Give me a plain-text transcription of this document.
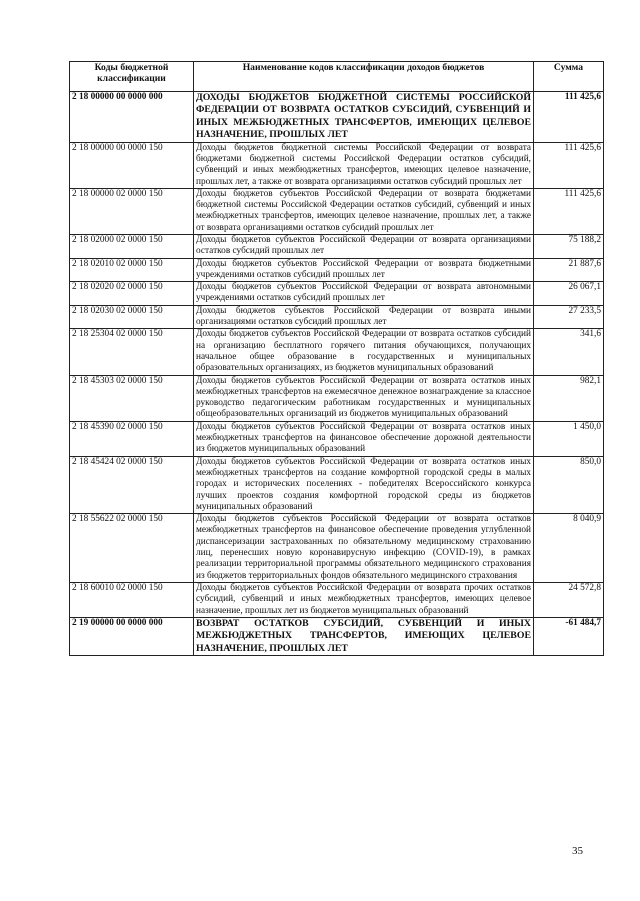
Коды бюджетной классификации	Наименование кодов классификации доходов бюджетов	Сумма
2 18 00000 00 0000 000	ДОХОДЫ БЮДЖЕТОВ БЮДЖЕТНОЙ СИСТЕМЫ РОССИЙСКОЙ ФЕДЕРАЦИИ ОТ ВОЗВРАТА ОСТАТКОВ СУБСИДИЙ, СУБВЕНЦИЙ И ИНЫХ МЕЖБЮДЖЕТНЫХ ТРАНСФЕРТОВ, ИМЕЮЩИХ ЦЕЛЕВОЕ НАЗНАЧЕНИЕ, ПРОШЛЫХ ЛЕТ	111 425,6
2 18 00000 00 0000 150	Доходы бюджетов бюджетной системы Российской Федерации от возврата бюджетами бюджетной системы Российской Федерации остатков субсидий, субвенций и иных межбюджетных трансфертов, имеющих целевое назначение, прошлых лет, а также от возврата организациями остатков субсидий прошлых лет	111 425,6
2 18 00000 02 0000 150	Доходы бюджетов субъектов Российской Федерации от возврата бюджетами бюджетной системы Российской Федерации остатков субсидий, субвенций и иных межбюджетных трансфертов, имеющих целевое назначение, прошлых лет, а также от возврата организациями остатков субсидий прошлых лет	111 425,6
2 18 02000 02 0000 150	Доходы бюджетов субъектов Российской Федерации от возврата организациями остатков субсидий прошлых лет	75 188,2
2 18 02010 02 0000 150	Доходы бюджетов субъектов Российской Федерации от возврата бюджетными учреждениями остатков субсидий прошлых лет	21 887,6
2 18 02020 02 0000 150	Доходы бюджетов субъектов Российской Федерации от возврата автономными учреждениями остатков субсидий прошлых лет	26 067,1
2 18 02030 02 0000 150	Доходы бюджетов субъектов Российской Федерации от возврата иными организациями остатков субсидий прошлых лет	27 233,5
2 18 25304 02 0000 150	Доходы бюджетов субъектов Российской Федерации от возврата остатков субсидий на организацию бесплатного горячего питания обучающихся, получающих начальное общее образование в государственных и муниципальных образовательных организациях, из бюджетов муниципальных образований	341,6
2 18 45303 02 0000 150	Доходы бюджетов субъектов Российской Федерации от возврата остатков иных межбюджетных трансфертов на ежемесячное денежное вознаграждение за классное руководство педагогическим работникам государственных и муниципальных общеобразовательных организаций из бюджетов муниципальных образований	982,1
2 18 45390 02 0000 150	Доходы бюджетов субъектов Российской Федерации от возврата остатков иных межбюджетных трансфертов на финансовое обеспечение дорожной деятельности из бюджетов муниципальных образований	1 450,0
2 18 45424 02 0000 150	Доходы бюджетов субъектов Российской Федерации от возврата остатков иных межбюджетных трансфертов на создание комфортной городской среды в малых городах и исторических поселениях - победителях Всероссийского конкурса лучших проектов создания комфортной городской среды из бюджетов муниципальных образований	850,0
2 18 55622 02 0000 150	Доходы бюджетов субъектов Российской Федерации от возврата остатков межбюджетных трансфертов на финансовое обеспечение проведения углубленной диспансеризации застрахованных по обязательному медицинскому страхованию лиц, перенесших новую коронавирусную инфекцию (COVID-19), в рамках реализации территориальной программы обязательного медицинского страхования из бюджетов территориальных фондов обязательного медицинского страхования	8 040,9
2 18 60010 02 0000 150	Доходы бюджетов субъектов Российской Федерации от возврата прочих остатков субсидий, субвенций и иных межбюджетных трансфертов, имеющих целевое назначение, прошлых лет из бюджетов муниципальных образований	24 572,8
2 19 00000 00 0000 000	ВОЗВРАТ ОСТАТКОВ СУБСИДИЙ, СУБВЕНЦИЙ И ИНЫХ МЕЖБЮДЖЕТНЫХ ТРАНСФЕРТОВ, ИМЕЮЩИХ ЦЕЛЕВОЕ НАЗНАЧЕНИЕ, ПРОШЛЫХ ЛЕТ	-61 484,7
35
